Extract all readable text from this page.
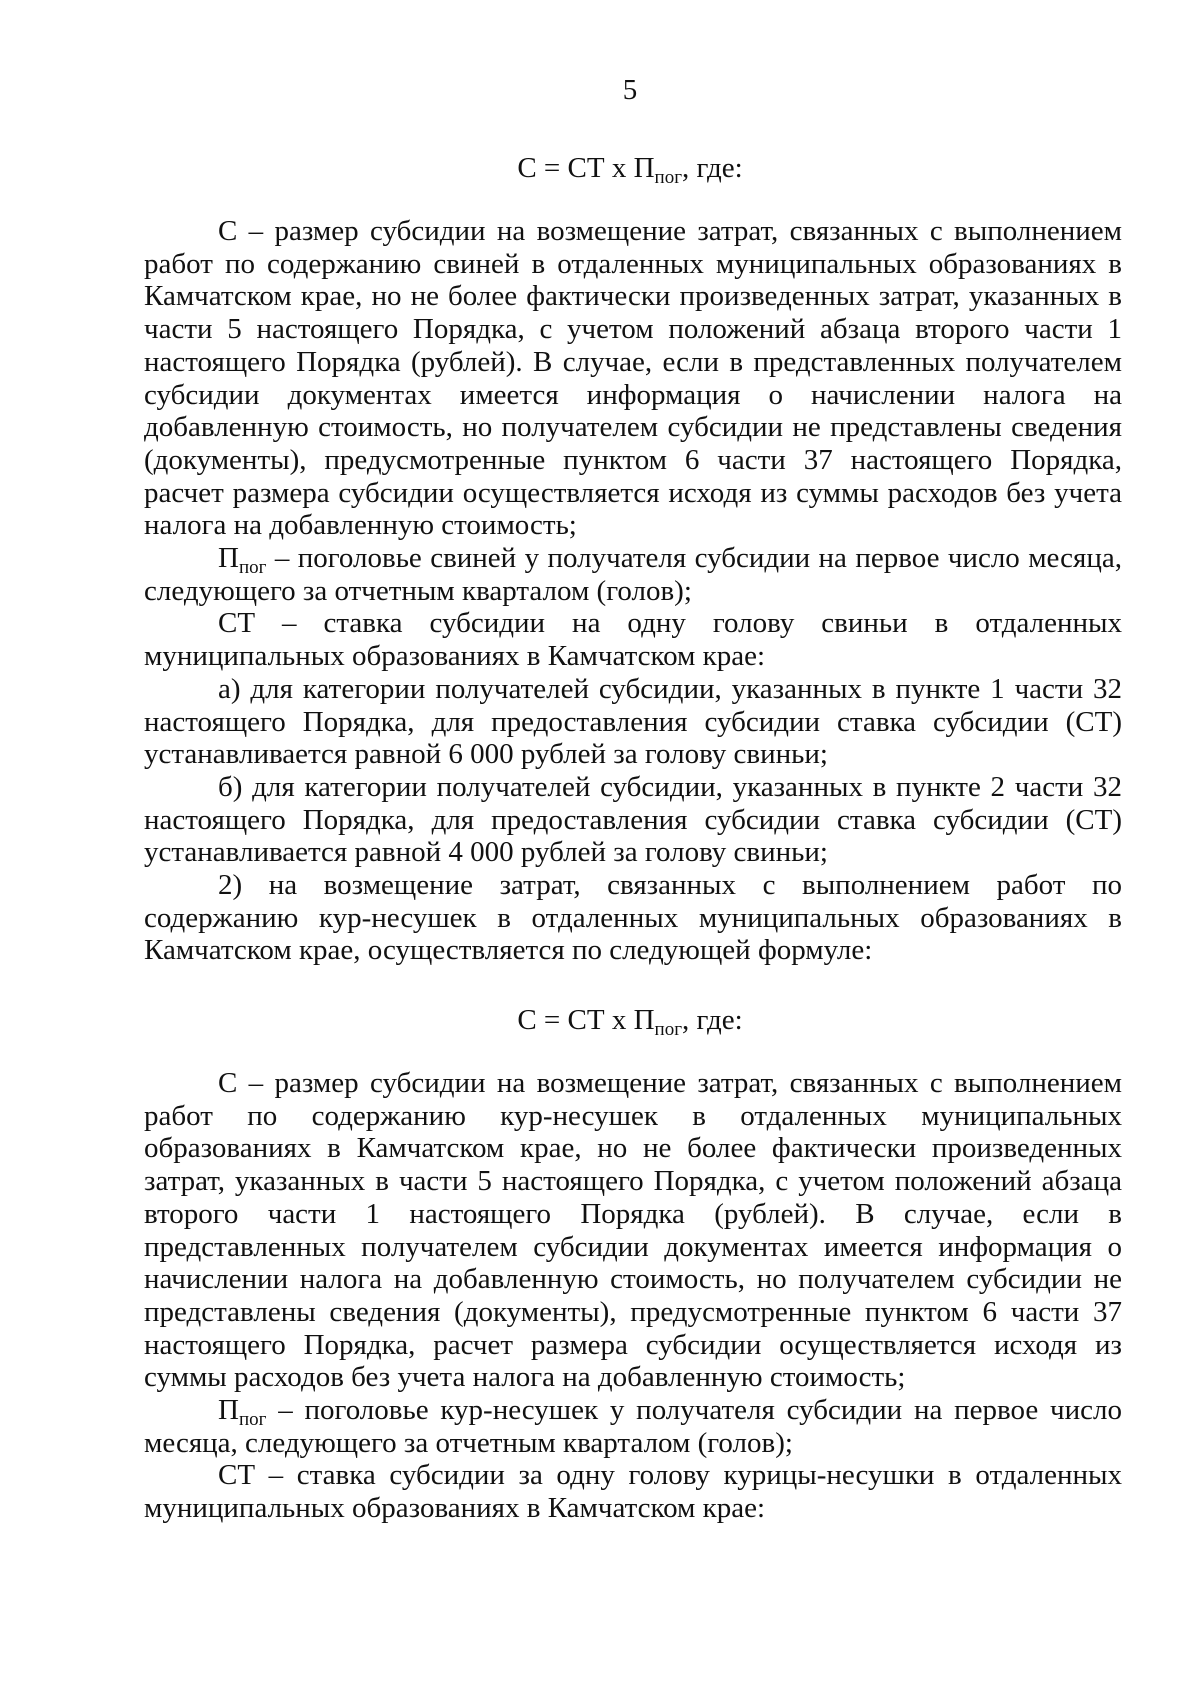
5
С = СТ х $П_{пог}$, где:

С – размер субсидии на возмещение затрат, связанных с выполнением работ по содержанию свиней в отдаленных муниципальных образованиях в Камчатском крае, но не более фактически произведенных затрат, указанных в части 5 настоящего Порядка, с учетом положений абзаца второго части 1 настоящего Порядка (рублей). В случае, если в представленных получателем субсидии документах имеется информация о начислении налога на добавленную стоимость, но получателем субсидии не представлены сведения (документы), предусмотренные пунктом 6 части 37 настоящего Порядка, расчет размера субсидии осуществляется исходя из суммы расходов без учета налога на добавленную стоимость;

$П_{пог}$ – поголовье свиней у получателя субсидии на первое число месяца, следующего за отчетным кварталом (голов);

СТ – ставка субсидии на одну голову свиньи в отдаленных муниципальных образованиях в Камчатском крае:

а) для категории получателей субсидии, указанных в пункте 1 части 32 настоящего Порядка, для предоставления субсидии ставка субсидии (СТ) устанавливается равной 6 000 рублей за голову свиньи;

б) для категории получателей субсидии, указанных в пункте 2 части 32 настоящего Порядка, для предоставления субсидии ставка субсидии (СТ) устанавливается равной 4 000 рублей за голову свиньи;

2) на возмещение затрат, связанных с выполнением работ по содержанию кур-несушек в отдаленных муниципальных образованиях в Камчатском крае, осуществляется по следующей формуле:

С = СТ х $П_{пог}$, где:

С – размер субсидии на возмещение затрат, связанных с выполнением работ по содержанию кур-несушек в отдаленных муниципальных образованиях в Камчатском крае, но не более фактически произведенных затрат, указанных в части 5 настоящего Порядка, с учетом положений абзаца второго части 1 настоящего Порядка (рублей). В случае, если в представленных получателем субсидии документах имеется информация о начислении налога на добавленную стоимость, но получателем субсидии не представлены сведения (документы), предусмотренные пунктом 6 части 37 настоящего Порядка, расчет размера субсидии осуществляется исходя из суммы расходов без учета налога на добавленную стоимость;

$П_{пог}$ – поголовье кур-несушек у получателя субсидии на первое число месяца, следующего за отчетным кварталом (голов);

СТ – ставка субсидии за одну голову курицы-несушки в отдаленных муниципальных образованиях в Камчатском крае:
